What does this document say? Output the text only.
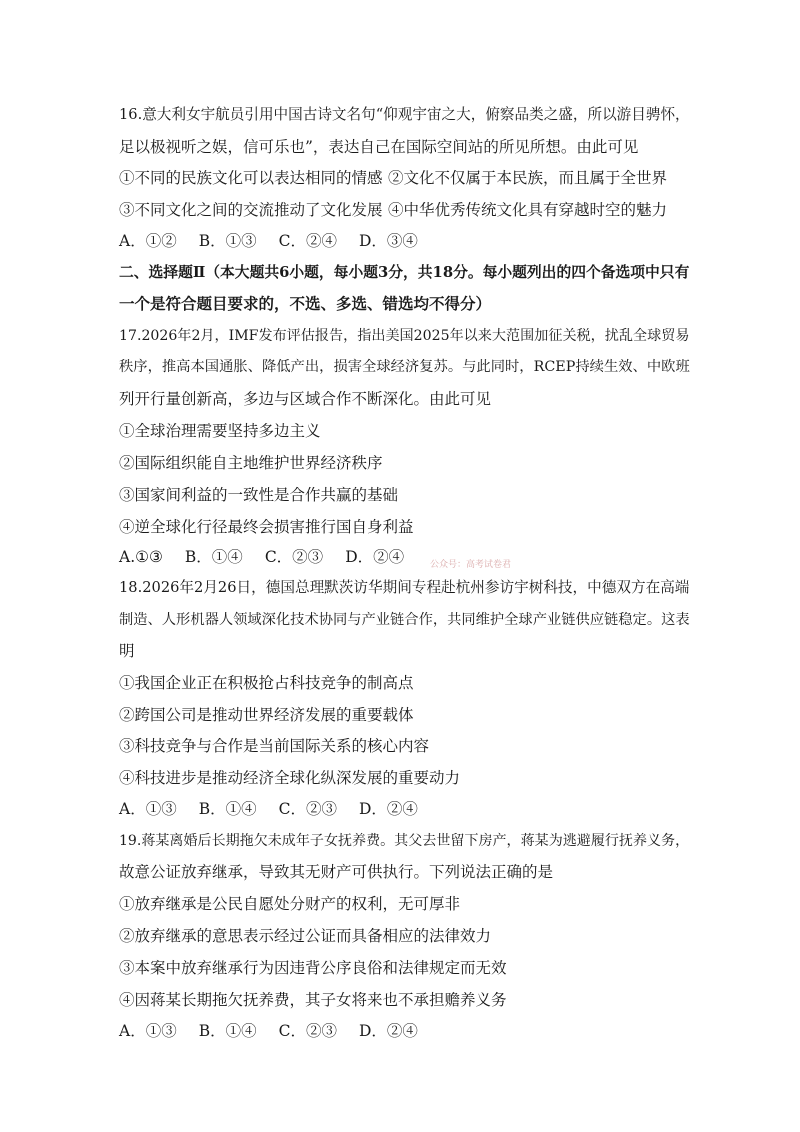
16.意大利女宇航员引用中国古诗文名句“仰观宇宙之大，俯察品类之盛，所以游目骋怀，
足以极视听之娱，信可乐也”，表达自己在国际空间站的所见所想。由此可见
①不同的民族文化可以表达相同的情感 ②文化不仅属于本民族，而且属于全世界
③不同文化之间的交流推动了文化发展 ④中华优秀传统文化具有穿越时空的魅力
A．①② B．①③ C．②④ D．③④
二、选择题Ⅱ（本大题共6小题，每小题3分，共18分。每小题列出的四个备选项中只有
一个是符合题目要求的，不选、多选、错选均不得分）
17.2026年2月，IMF发布评估报告，指出美国2025年以来大范围加征关税，扰乱全球贸易
秩序，推高本国通胀、降低产出，损害全球经济复苏。与此同时，RCEP持续生效、中欧班
列开行量创新高，多边与区域合作不断深化。由此可见
①全球治理需要坚持多边主义
②国际组织能自主地维护世界经济秩序
③国家间利益的一致性是合作共赢的基础
④逆全球化行径最终会损害推行国自身利益
A.①③ B．①④ C．②③ D．②④	公众号：高考试卷君
18.2026年2月26日，德国总理默茨访华期间专程赴杭州参访宇树科技，中德双方在高端
制造、人形机器人领域深化技术协同与产业链合作，共同维护全球产业链供应链稳定。这表
明
①我国企业正在积极抢占科技竞争的制高点
②跨国公司是推动世界经济发展的重要载体
③科技竞争与合作是当前国际关系的核心内容
④科技进步是推动经济全球化纵深发展的重要动力
A．①③ B．①④ C．②③ D．②④
19.蒋某离婚后长期拖欠未成年子女抚养费。其父去世留下房产，蒋某为逃避履行抚养义务，
故意公证放弃继承，导致其无财产可供执行。下列说法正确的是
①放弃继承是公民自愿处分财产的权利，无可厚非
②放弃继承的意思表示经过公证而具备相应的法律效力
③本案中放弃继承行为因违背公序良俗和法律规定而无效
④因蒋某长期拖欠抚养费，其子女将来也不承担赡养义务
A．①③ B．①④ C．②③ D．②④
